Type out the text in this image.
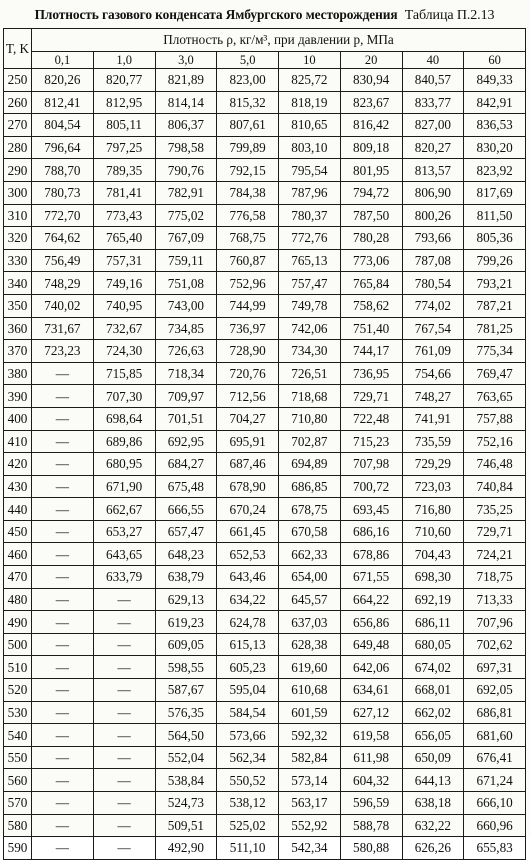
Плотность газового конденсата Ямбургского месторождения Таблица П.2.13
T, K	Плотность ρ, кг/м³, при давлении p, МПа							
	0,1	1,0	3,0	5,0	10	20	40	60
250	820,26	820,77	821,89	823,00	825,72	830,94	840,57	849,33
260	812,41	812,95	814,14	815,32	818,19	823,67	833,77	842,91
270	804,54	805,11	806,37	807,61	810,65	816,42	827,00	836,53
280	796,64	797,25	798,58	799,89	803,10	809,18	820,27	830,20
290	788,70	789,35	790,76	792,15	795,54	801,95	813,57	823,92
300	780,73	781,41	782,91	784,38	787,96	794,72	806,90	817,69
310	772,70	773,43	775,02	776,58	780,37	787,50	800,26	811,50
320	764,62	765,40	767,09	768,75	772,76	780,28	793,66	805,36
330	756,49	757,31	759,11	760,87	765,13	773,06	787,08	799,26
340	748,29	749,16	751,08	752,96	757,47	765,84	780,54	793,21
350	740,02	740,95	743,00	744,99	749,78	758,62	774,02	787,21
360	731,67	732,67	734,85	736,97	742,06	751,40	767,54	781,25
370	723,23	724,30	726,63	728,90	734,30	744,17	761,09	775,34
380	—	715,85	718,34	720,76	726,51	736,95	754,66	769,47
390	—	707,30	709,97	712,56	718,68	729,71	748,27	763,65
400	—	698,64	701,51	704,27	710,80	722,48	741,91	757,88
410	—	689,86	692,95	695,91	702,87	715,23	735,59	752,16
420	—	680,95	684,27	687,46	694,89	707,98	729,29	746,48
430	—	671,90	675,48	678,90	686,85	700,72	723,03	740,84
440	—	662,67	666,55	670,24	678,75	693,45	716,80	735,25
450	—	653,27	657,47	661,45	670,58	686,16	710,60	729,71
460	—	643,65	648,23	652,53	662,33	678,86	704,43	724,21
470	—	633,79	638,79	643,46	654,00	671,55	698,30	718,75
480	—	—	629,13	634,22	645,57	664,22	692,19	713,33
490	—	—	619,23	624,78	637,03	656,86	686,11	707,96
500	—	—	609,05	615,13	628,38	649,48	680,05	702,62
510	—	—	598,55	605,23	619,60	642,06	674,02	697,31
520	—	—	587,67	595,04	610,68	634,61	668,01	692,05
530	—	—	576,35	584,54	601,59	627,12	662,02	686,81
540	—	—	564,50	573,66	592,32	619,58	656,05	681,60
550	—	—	552,04	562,34	582,84	611,98	650,09	676,41
560	—	—	538,84	550,52	573,14	604,32	644,13	671,24
570	—	—	524,73	538,12	563,17	596,59	638,18	666,10
580	—	—	509,51	525,02	552,92	588,78	632,22	660,96
590	—	—	492,90	511,10	542,34	580,88	626,26	655,83
